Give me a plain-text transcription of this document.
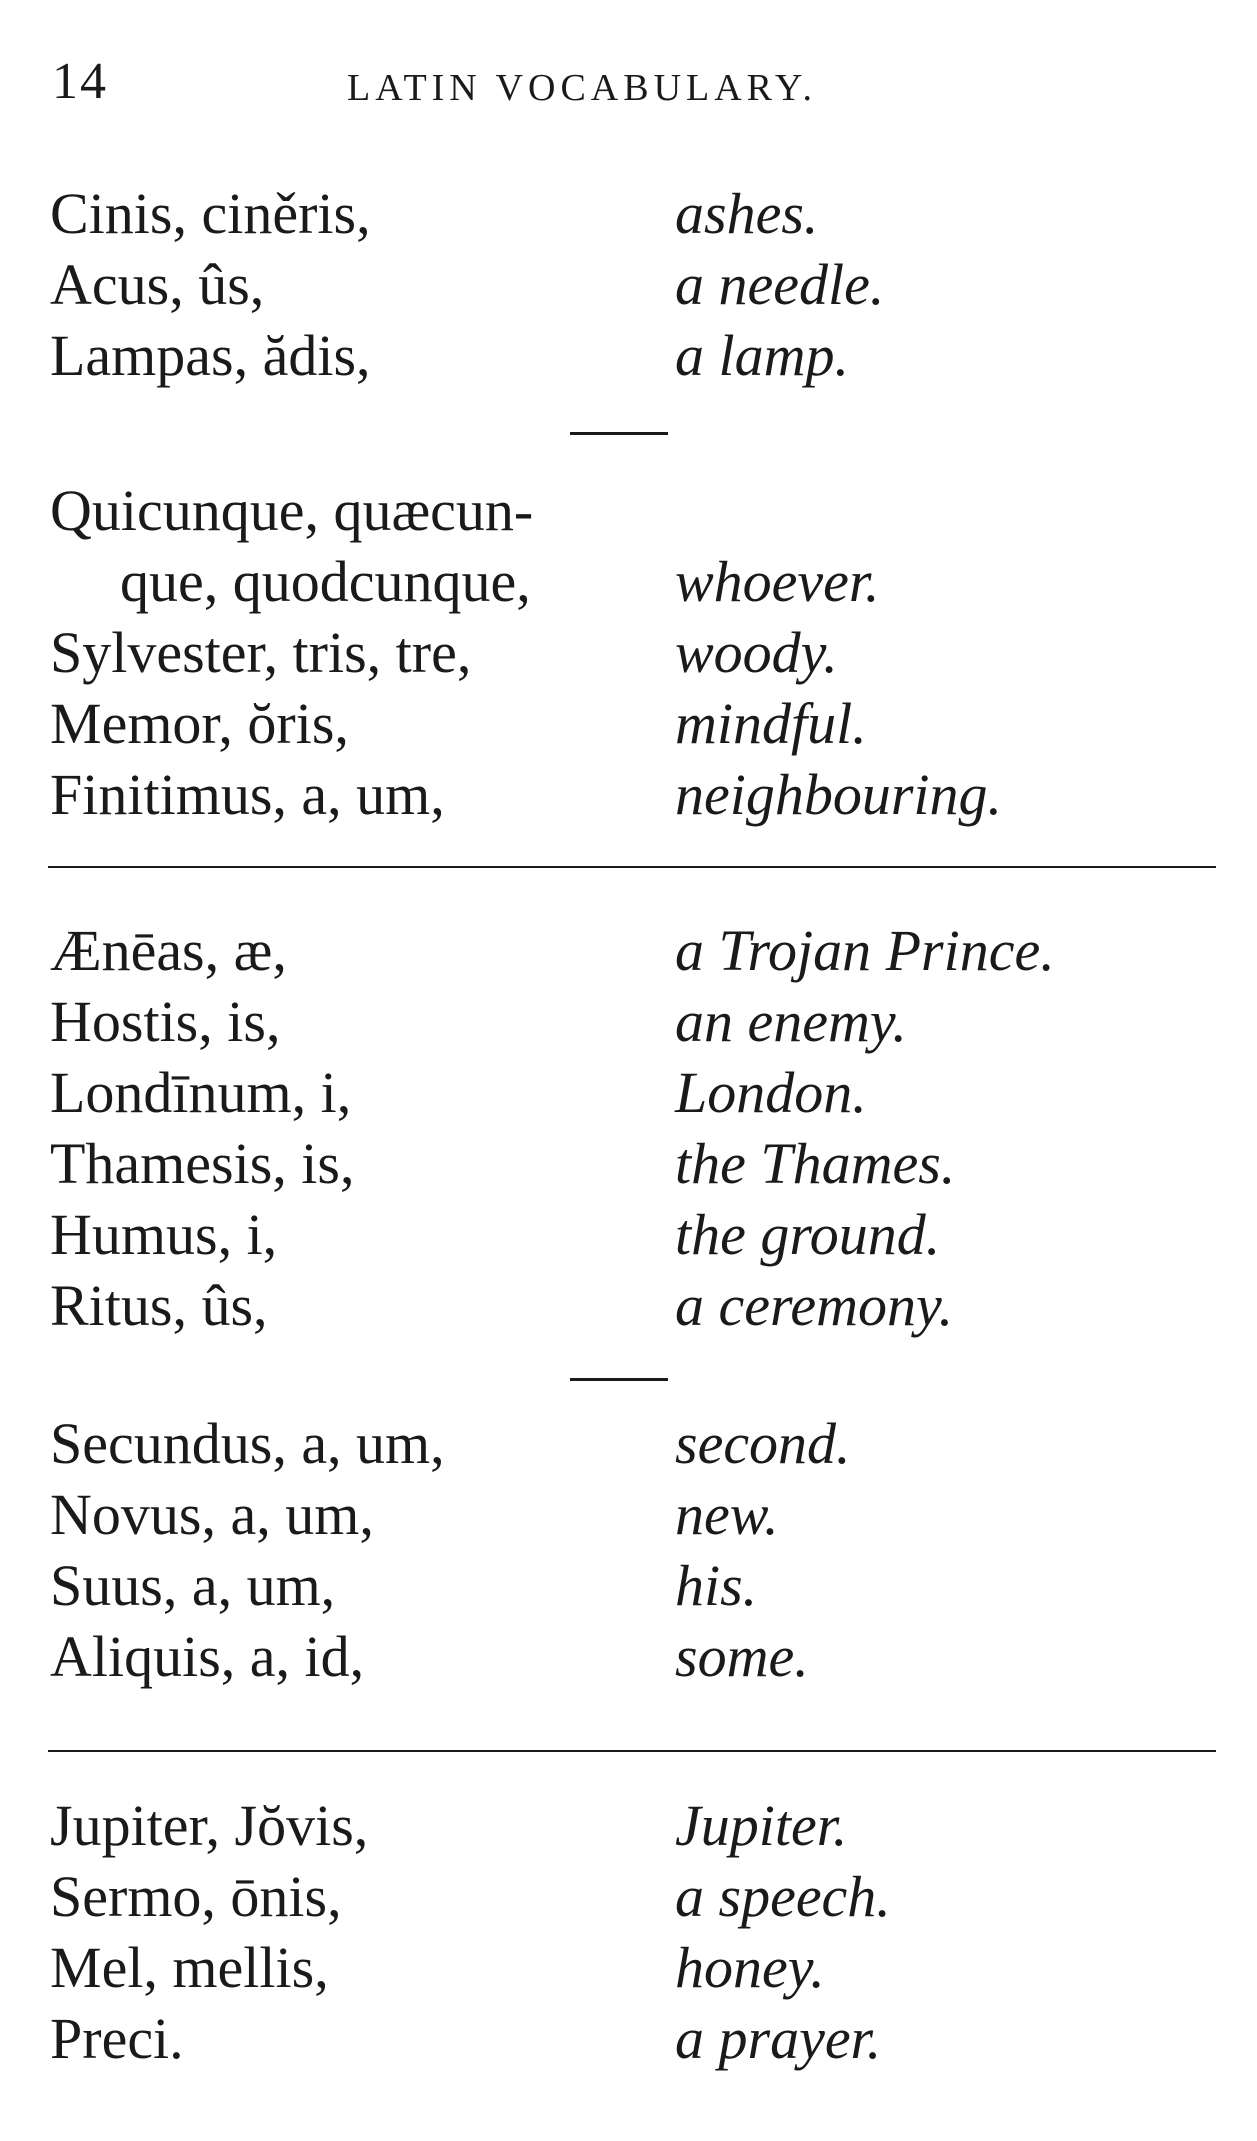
14	LATIN VOCABULARY.
Cinis, ciněris,	ashes.
Acus, ûs,	a needle.
Lampas, ădis,	a lamp.
Quicunque, quæcun-
que, quodcunque, whoever.
Sylvester, tris, tre,	woody.
Memor, ŏris,	mindful.
Finitimus, a, um,	neighbouring.
Ænēas, æ,	a Trojan Prince.
Hostis, is,	an enemy.
Londīnum, i,	London.
Thamesis, is,	the Thames.
Humus, i,	the ground.
Ritus, ûs,	a ceremony.
Secundus, a, um,	second.
Novus, a, um,	new.
Suus, a, um,	his.
Aliquis, a, id,	some.
Jupiter, Jŏvis,	Jupiter.
Sermo, ōnis,	a speech.
Mel, mellis,	honey.
Preci.	a prayer.
